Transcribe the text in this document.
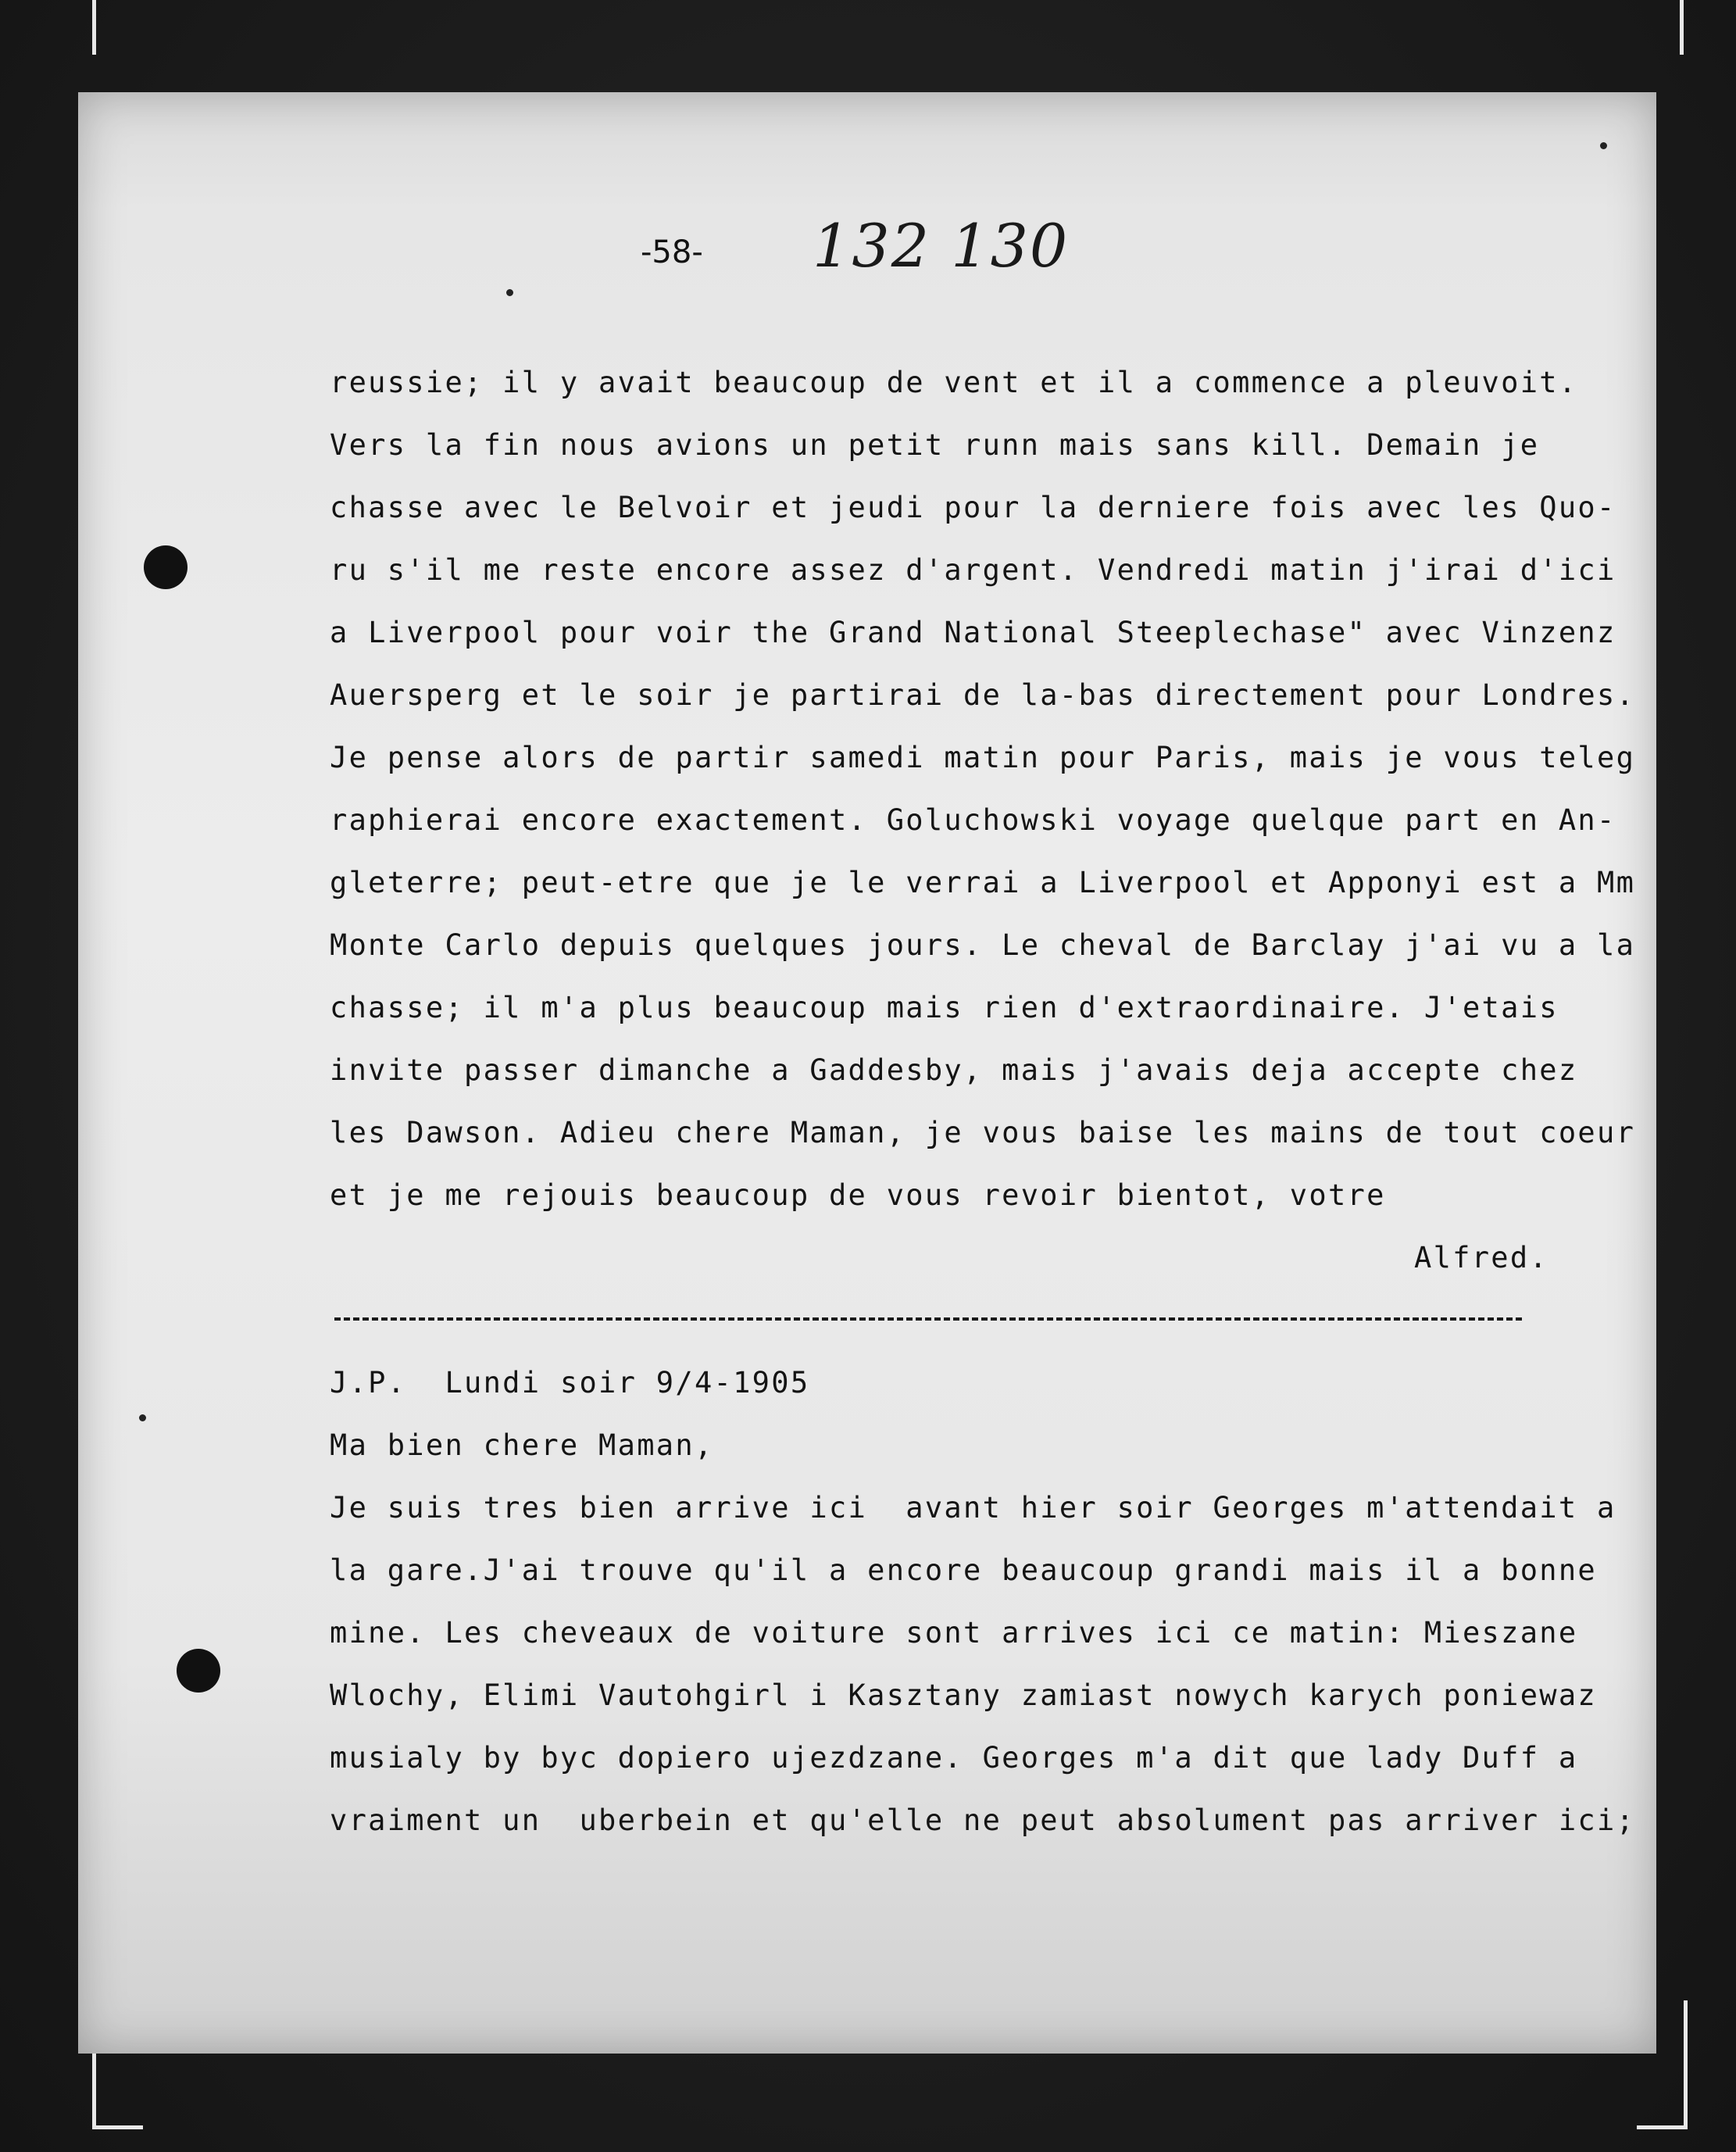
-58- 132 130
reussie; il y avait beaucoup de vent et il a commence a pleuvoit.
Vers la fin nous avions un petit runn mais sans kill. Demain je
chasse avec le Belvoir et jeudi pour la derniere fois avec les Quo-
ru s'il me reste encore assez d'argent. Vendredi matin j'irai d'ici
a Liverpool pour voir the Grand National Steeplechase" avec Vinzenz
Auersperg et le soir je partirai de la-bas directement pour Londres.
Je pense alors de partir samedi matin pour Paris, mais je vous teleg
raphierai encore exactement. Goluchowski voyage quelque part en An-
gleterre; peut-etre que je le verrai a Liverpool et Apponyi est a Mm
Monte Carlo depuis quelques jours. Le cheval de Barclay j'ai vu a la
chasse; il m'a plus beaucoup mais rien d'extraordinaire. J'etais
invite passer dimanche a Gaddesby, mais j'avais deja accepte chez
les Dawson. Adieu chere Maman, je vous baise les mains de tout coeur
et je me rejouis beaucoup de vous revoir bientot, votre
Alfred.
J.P.  Lundi soir 9/4-1905
Ma bien chere Maman,
Je suis tres bien arrive ici  avant hier soir Georges m'attendait a
la gare.J'ai trouve qu'il a encore beaucoup grandi mais il a bonne
mine. Les cheveaux de voiture sont arrives ici ce matin: Mieszane
Wlochy, Elimi Vautohgirl i Kasztany zamiast nowych karych poniewaz
musialy by byc dopiero ujezdzane. Georges m'a dit que lady Duff a
vraiment un  uberbein et qu'elle ne peut absolument pas arriver ici;
